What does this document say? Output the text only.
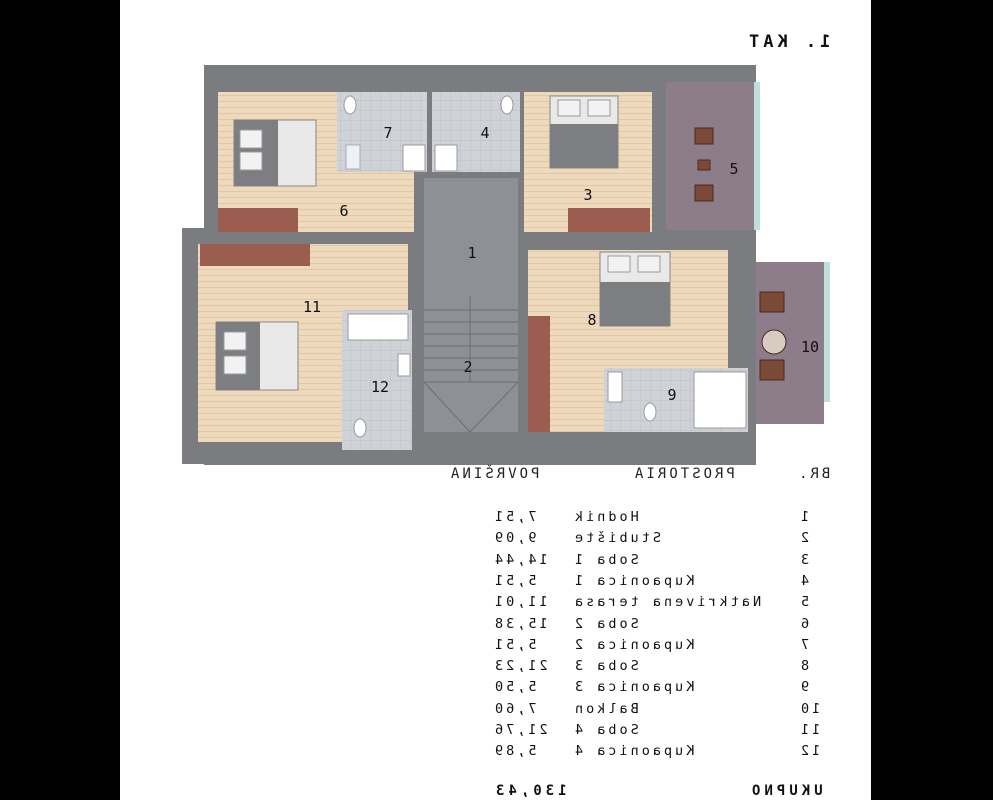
1
2
3
4
5
6
7
8
9
10
11
12
1. KAT
BR.
PROSTORIA
POVRŠINA
1
Hodnik
7,51
2
Stubište
9,09
3
Soba 1
14,44
4
Kupaonica 1
5,51
5
Natkrivena terasa
11,01
6
Soba 2
15,38
7
Kupaonica 2
5,51
8
Soba 3
21,23
9
Kupaonica 3
5,50
10
Balkon
7,60
11
Soba 4
21,76
12
Kupaonica 4
5,89
UKUPNO
130,43
